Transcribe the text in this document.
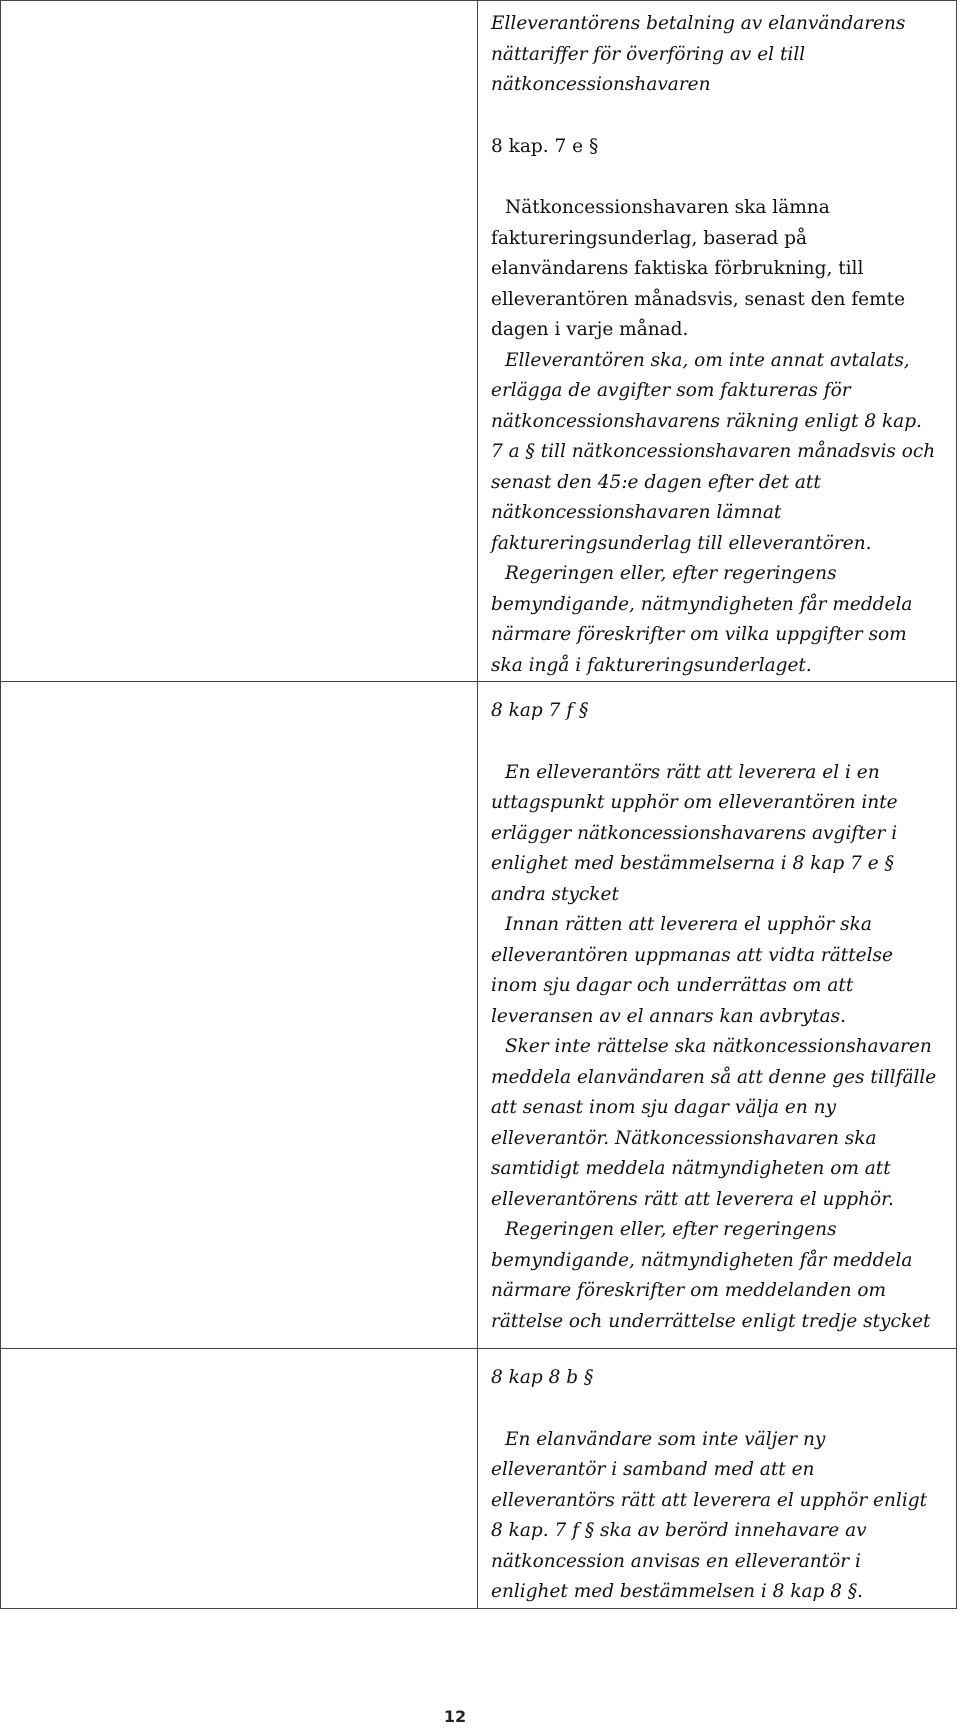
	Elleverantörens betalning av elanvändarens nättariffer för överföring av el till nätkoncessionshavaren

8 kap. 7 e §

Nätkoncessionshavaren ska lämna faktureringsunderlag, baserad på elanvändarens faktiska förbrukning, till elleverantören månadsvis, senast den femte dagen i varje månad.

Elleverantören ska, om inte annat avtalats, erlägga de avgifter som faktureras för nätkoncessionshavarens räkning enligt 8 kap. 7 a § till nätkoncessionshavaren månadsvis och senast den 45:e dagen efter det att nätkoncessionshavaren lämnat faktureringsunderlag till elleverantören.

Regeringen eller, efter regeringens bemyndigande, nätmyndigheten får meddela närmare föreskrifter om vilka uppgifter som ska ingå i faktureringsunderlaget.

	8 kap 7 f §

En elleverantörs rätt att leverera el i en uttagspunkt upphör om elleverantören inte erlägger nätkoncessionshavarens avgifter i enlighet med bestämmelserna i 8 kap 7 e § andra stycket

Innan rätten att leverera el upphör ska elleverantören uppmanas att vidta rättelse inom sju dagar och underrättas om att leveransen av el annars kan avbrytas.

Sker inte rättelse ska nätkoncessionshavaren meddela elanvändaren så att denne ges tillfälle att senast inom sju dagar välja en ny elleverantör. Nätkoncessionshavaren ska samtidigt meddela nätmyndigheten om att elleverantörens rätt att leverera el upphör.

Regeringen eller, efter regeringens bemyndigande, nätmyndigheten får meddela närmare föreskrifter om meddelanden om rättelse och underrättelse enligt tredje stycket

	8 kap 8 b §

En elanvändare som inte väljer ny elleverantör i samband med att en elleverantörs rätt att leverera el upphör enligt 8 kap. 7 f § ska av berörd innehavare av nätkoncession anvisas en elleverantör i enlighet med bestämmelsen i 8 kap 8 §.

12
